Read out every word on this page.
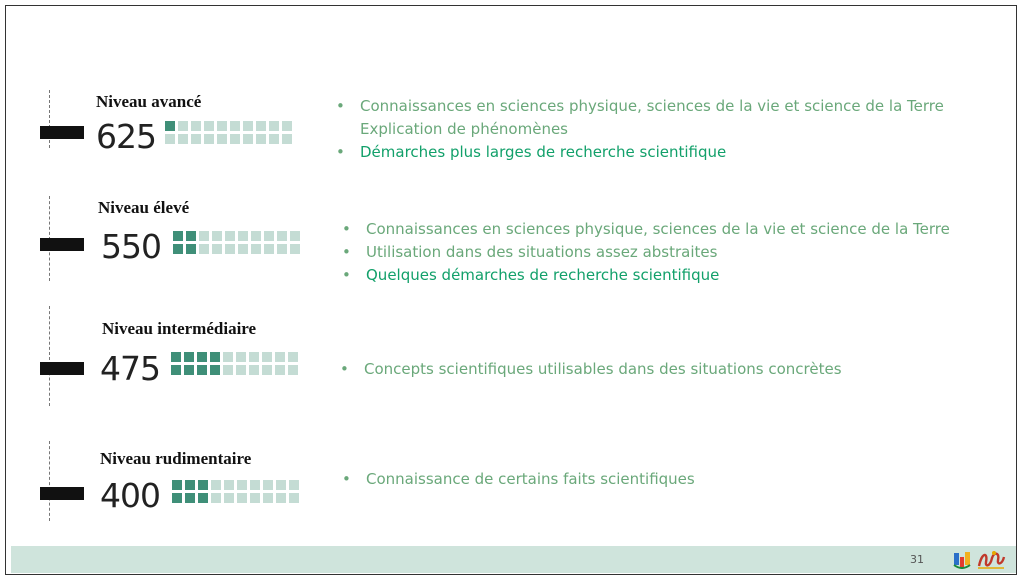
Niveau avancé
625
• Connaissances en sciences physique, sciences de la vie et science de la Terre
Explication de phénomènes
• Démarches plus larges de recherche scientifique
Niveau élevé
550	• Connaissances en sciences physique, sciences de la vie et science de la Terre
• Utilisation dans des situations assez abstraites
• Quelques démarches de recherche scientifique
Niveau intermédiaire
475	• Concepts scientifiques utilisables dans des situations concrètes
Niveau rudimentaire
400	• Connaissance de certains faits scientifiques
31
